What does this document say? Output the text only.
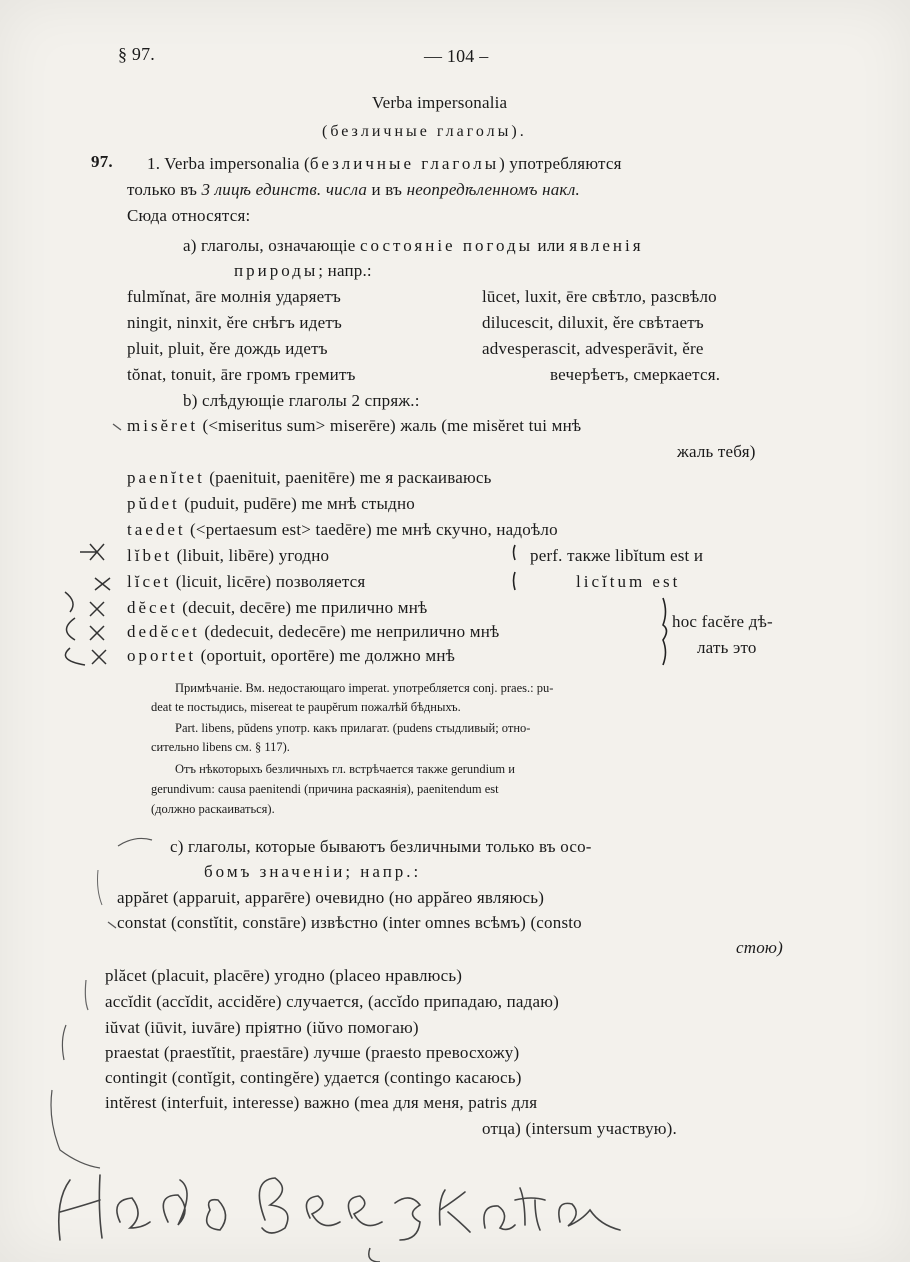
§ 97.	— 104 –
Verba impersonalia
(безличные глаголы).
97. 1. Verba impersonalia (безличные глаголы) употребляются
только въ 3 лицѣ единств. числа и въ неопредѣленномъ накл.
Сюда относятся:
a) глаголы, означающіе состояніе погоды или явленія
природы; напр.:
fulmĭnat, āre молнія ударяетъ
ningit, ninxit, ěre снѣгъ идетъ
pluit, pluit, ěre дождь идетъ
tŏnat, tonuit, āre громъ гремитъ
lūcet, luxit, ēre свѣтло, разсвѣло
dilucescit, diluxit, ěre свѣтаетъ
advesperascit, advesperāvit, ěre
вечерѣетъ, смеркается.
b) слѣдующіе глаголы 2 спряж.:
misĕret (<miseritus sum> miserēre) жаль (me misĕret tui мнѣ
жаль тебя)
paenĭtet (paenituit, paenitēre) me я раскаиваюсь
pŭdet (puduit, pudēre) me мнѣ стыдно
taedet (<pertaesum est> taedēre) me мнѣ скучно, надоѣло
lĭbet (libuit, libēre) угодно
lĭcet (licuit, licēre) позволяется
dĕcet (decuit, decēre) me прилично мнѣ
dedĕcet (dedecuit, dedecēre) me неприлично мнѣ
oportet (oportuit, oportēre) me должно мнѣ
perf. также libĭtum est и
licĭtum est
hoc facĕre дѣ-
лать это
Примѣчаніе. Вм. недостающаго imperat. употребляется conj. praes.: pu-
deat te постыдись, misereat te paupĕrum пожалѣй бѣдныхъ.
Part. libens, pŭdens употр. какъ прилагат. (pudens стыдливый; отно-
сительно libens см. § 117).
Отъ нѣкоторыхъ безличныхъ гл. встрѣчается также gerundium и
gerundivum: causa paenitendi (причина раскаянія), paenitendum est
(должно раскаиваться).
c) глаголы, которые бываютъ безличными только въ осо-
бомъ значеніи; напр.:
appăret (apparuit, apparēre) очевидно (но appăreo являюсь)
constat (constĭtit, constāre) извѣстно (inter omnes всѣмъ) (consto
стою)
plăcet (placuit, placēre) угодно (placeo нравлюсь)
accĭdit (accĭdit, accidĕre) случается, (accĭdo припадаю, падаю)
iŭvat (iūvit, iuvāre) пріятно (iŭvo помогаю)
praestat (praestĭtit, praestāre) лучше (praesto превосхожу)
contingit (contĭgit, contingĕre) удается (contingo касаюсь)
intĕrest (interfuit, interesse) важно (mea для меня, patris для
отца) (intersum участвую).
